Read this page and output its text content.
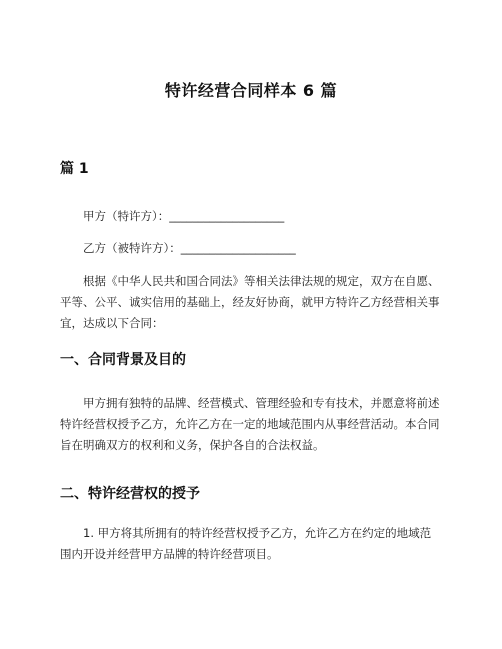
特许经营合同样本 6 篇
篇 1
甲方（特许方）：____________________
乙方（被特许方）：____________________

根据《中华人民共和国合同法》等相关法律法规的规定，双方在自愿、平等、公平、诚实信用的基础上，经友好协商，就甲方特许乙方经营相关事宜，达成以下合同：

一、合同背景及目的

甲方拥有独特的品牌、经营模式、管理经验和专有技术，并愿意将前述特许经营权授予乙方，允许乙方在一定的地域范围内从事经营活动。本合同旨在明确双方的权利和义务，保护各自的合法权益。

二、特许经营权的授予

1. 甲方将其所拥有的特许经营权授予乙方，允许乙方在约定的地域范围内开设并经营甲方品牌的特许经营项目。
